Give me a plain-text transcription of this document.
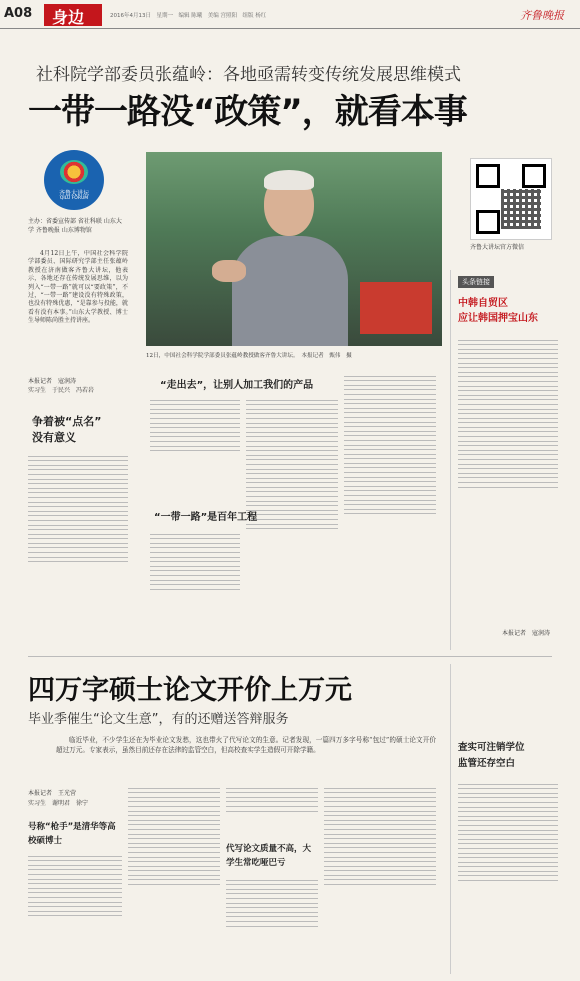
A08 身边	2016年4月13日　星期一　编辑 陈曦　美编 宫照阳　组版 杨红	齐鲁晚报
社科院学部委员张蕴岭：各地亟需转变传统发展思维模式
一带一路没“政策”，就看本事
齐鲁大讲坛
QILU FORUM
主办：省委宣传部 省社科联 山东大学 齐鲁晚报 山东博物馆
4月12日上午，中国社会科学院学部委员、国际研究学部主任张蕴岭教授在济南做客齐鲁大讲坛，他表示，各地还存在传统发展思维，以为列入“一带一路”就可以“要政策”，不过，“一带一路”建设没有特殊政策，也没有特殊优惠，“是靠参与投能，就看有没有本事。”山东大学教授、博士生导师陈尚胜主持讲座。
本报记者　寇润涛
实习生　于民兴　冯若岩
12日，中国社会科学院学部委员张蕴岭教授做客齐鲁大讲坛。　本报记者　甄伟　摄
齐鲁大讲坛官方微信
争着被“点名”
没有意义
“走出去”，让别人加工我们的产品
“一带一路”是百年工程
头条链接
中韩自贸区
应让韩国押宝山东
本报记者　寇润涛
四万字硕士论文开价上万元
毕业季催生“论文生意”，有的还赠送答辩服务
临近毕业，不少学生还在为毕业论文发愁，这也带火了代写论文的生意。记者发现，一篇四万多字号称“包过”的硕士论文开价超过万元。专家表示，虽然目前还存在法律的监管空白，但高校查实学生造假可开除学籍。
本报记者　王光营
实习生　谢明君　徐宁
号称“枪手”是清华等高校硕博士
代写论文质量不高，大学生常吃哑巴亏
查实可注销学位
监管还存空白
